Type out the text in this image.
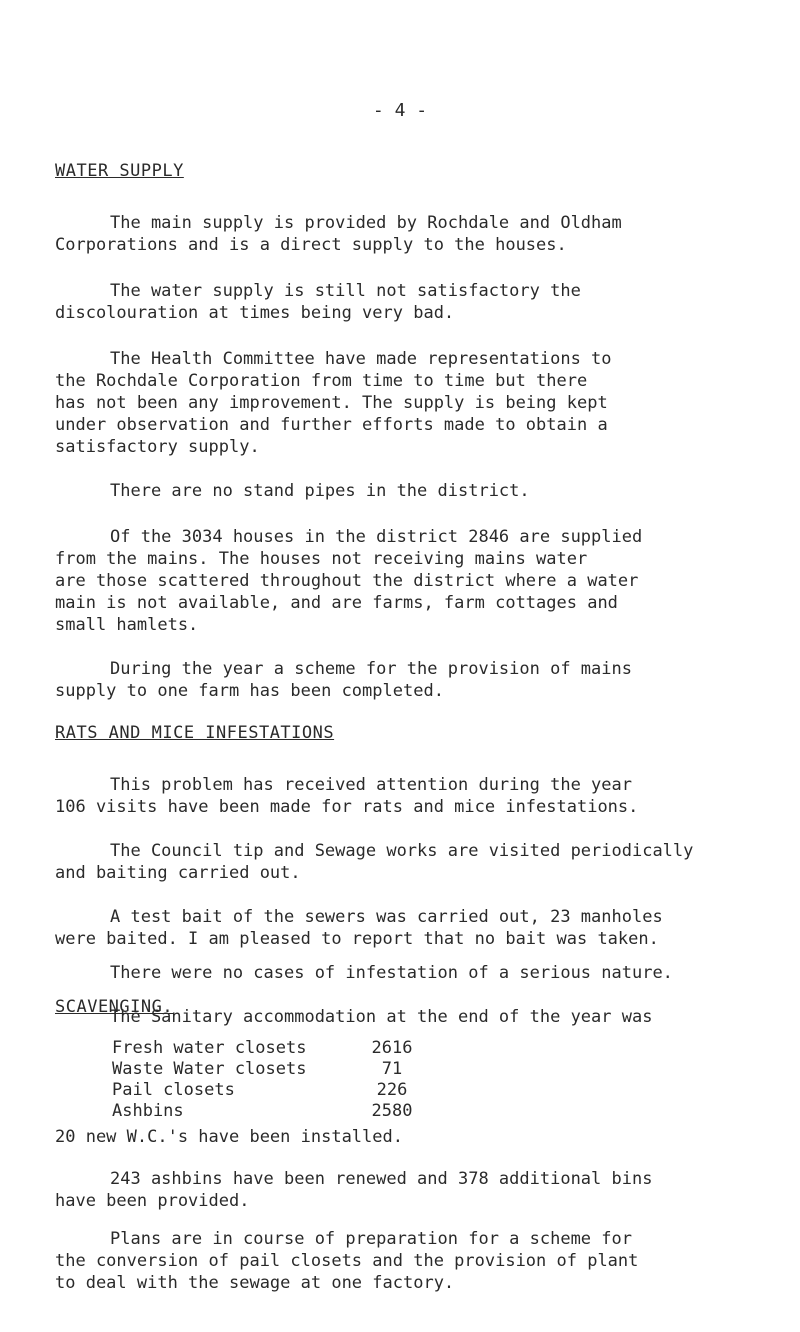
- 4 -
WATER SUPPLY

The main supply is provided by Rochdale and Oldham
Corporations and is a direct supply to the houses.

The water supply is still not satisfactory the
discolouration at times being very bad.

The Health Committee have made representations to
the Rochdale Corporation from time to time but there
has not been any improvement. The supply is being kept
under observation and further efforts made to obtain a
satisfactory supply.

There are no stand pipes in the district.

Of the 3034 houses in the district 2846 are supplied
from the mains. The houses not receiving mains water
are those scattered throughout the district where a water
main is not available, and are farms, farm cottages and
small hamlets.

During the year a scheme for the provision of mains
supply to one farm has been completed.

RATS AND MICE INFESTATIONS

This problem has received attention during the year
106 visits have been made for rats and mice infestations.

The Council tip and Sewage works are visited periodically
and baiting carried out.

A test bait of the sewers was carried out, 23 manholes
were baited. I am pleased to report that no bait was taken.

There were no cases of infestation of a serious nature.

SCAVENGING.

The Sanitary accommodation at the end of the year was

Fresh water closets	2616
Waste Water closets	71
Pail closets	226
Ashbins	2580

20 new W.C.'s have been installed.

243 ashbins have been renewed and 378 additional bins
have been provided.

Plans are in course of preparation for a scheme for
the conversion of pail closets and the provision of plant
to deal with the sewage at one factory.
